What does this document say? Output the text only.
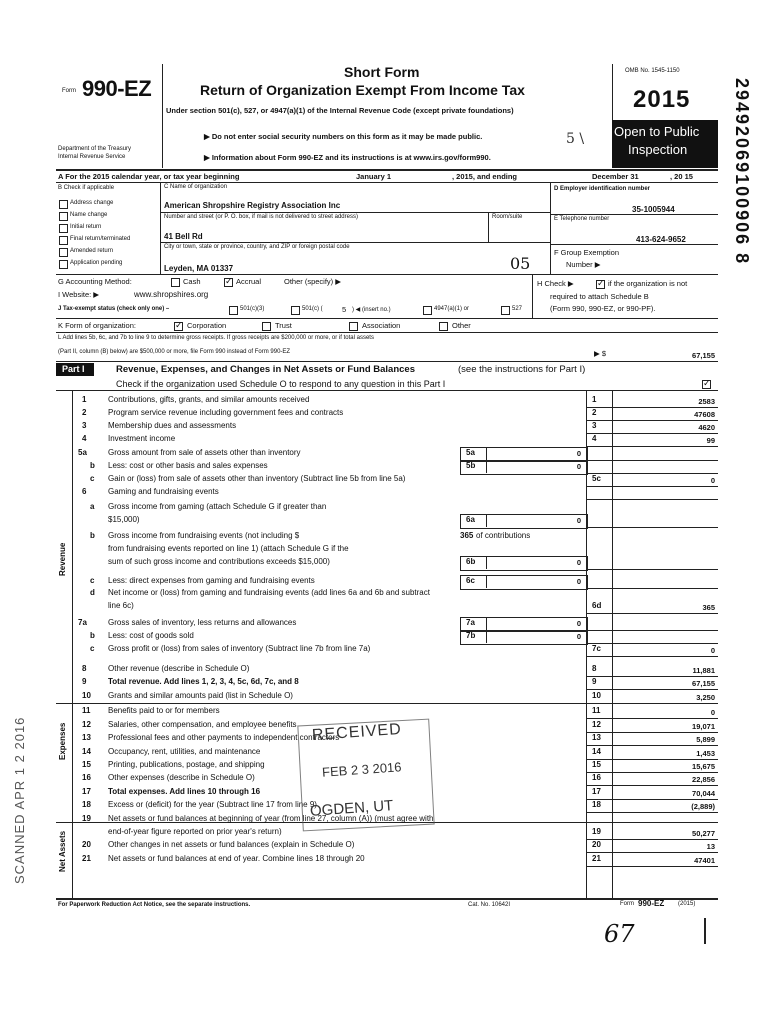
Form 990-EZ
Department of the Treasury
Internal Revenue Service
Short Form
Return of Organization Exempt From Income Tax
Under section 501(c), 527, or 4947(a)(1) of the Internal Revenue Code (except private foundations)
▶ Do not enter social security numbers on this form as it may be made public.
▶ Information about Form 990-EZ and its instructions is at www.irs.gov/form990.
OMB No. 1545-1150
2015
Open to Public
Inspection 29492069100906 8
A For the 2015 calendar year, or tax year beginning	January 1	, 2015, and ending	December 31	, 20 15
B Check if applicable
Address change
Name change
Initial return
Final return/terminated
Amended return
Application pending
C Name of organization
American Shropshire Registry Association Inc
Number and street (or P. O. box, if mail is not delivered to street address)	Room/suite
41 Bell Rd
City or town, state or province, country, and ZIP or foreign postal code
Leyden, MA 01337	05
D Employer identification number
35-1005944
E Telephone number
413-624-9652
F Group Exemption
Number ▶
G Accounting Method:	Cash ✓	Accrual	Other (specify) ▶	H Check ▶ ✓	if the organization is not
required to attach Schedule B
(Form 990, 990-EZ, or 990-PF).
I Website: ▶	www.shropshires.org
J Tax-exempt status (check only one) –	501(c)(3)	501(c) (	5 ) ◀ (insert no.)	4947(a)(1) or	527
K Form of organization: ✓	Corporation	Trust	Association	Other
L Add lines 5b, 6c, and 7b to line 9 to determine gross receipts. If gross receipts are $200,000 or more, or if total assets
(Part II, column (B) below) are $500,000 or more, file Form 990 instead of Form 990-EZ	▶ $	67,155
Part I	Revenue, Expenses, and Changes in Net Assets or Fund Balances	(see the instructions for Part I)
Check if the organization used Schedule O to respond to any question in this Part I
✓
Revenue
Expenses
Net Assets
1	Contributions, gifts, grants, and similar amounts received	1	2583
2	Program service revenue including government fees and contracts	2	47608
3	Membership dues and assessments	3	4620
4	Investment income	4	99
5a	Gross amount from sale of assets other than inventory	5a	0
b Less: cost or other basis and sales expenses	5b	0
c Gain or (loss) from sale of assets other than inventory (Subtract line 5b from line 5a)	5c	0
6	Gaming and fundraising events
a Gross income from gaming (attach Schedule G if greater than
$15,000)	6a	0
b Gross income from fundraising events (not including $	365 of contributions
from fundraising events reported on line 1) (attach Schedule G if the
sum of such gross income and contributions exceeds $15,000)	6b	0
c Less: direct expenses from gaming and fundraising events	6c	0
d Net income or (loss) from gaming and fundraising events (add lines 6a and 6b and subtract
line 6c)	6d	365
7a	Gross sales of inventory, less returns and allowances	7a	0
b Less: cost of goods sold	7b	0
c Gross profit or (loss) from sales of inventory (Subtract line 7b from line 7a)	7c	0
8	Other revenue (describe in Schedule O)	8	11,881
9	Total revenue. Add lines 1, 2, 3, 4, 5c, 6d, 7c, and 8	9	67,155
10 Grants and similar amounts paid (list in Schedule O)	10	3,250
11 Benefits paid to or for members	11	0
12 Salaries, other compensation, and employee benefits	12	19,071
13 Professional fees and other payments to independent contractors	13	5,899
14 Occupancy, rent, utilities, and maintenance	14	1,453
15 Printing, publications, postage, and shipping	15	15,675
16 Other expenses (describe in Schedule O)	16	22,856
17 Total expenses. Add lines 10 through 16	17	70,044
18 Excess or (deficit) for the year (Subtract line 17 from line 9)	18	(2,889)
19 Net assets or fund balances at beginning of year (from line 27, column (A)) (must agree with
end-of-year figure reported on prior year's return)	19	50,277
20 Other changes in net assets or fund balances (explain in Schedule O)	20	13
21 Net assets or fund balances at end of year. Combine lines 18 through 20	21	47401
RECEIVED
FEB 2 3 2016
OGDEN, UT
SCANNED APR 1 2 2016
5 \
For Paperwork Reduction Act Notice, see the separate instructions.	Cat. No. 10642I	Form 990-EZ (2015)
67
